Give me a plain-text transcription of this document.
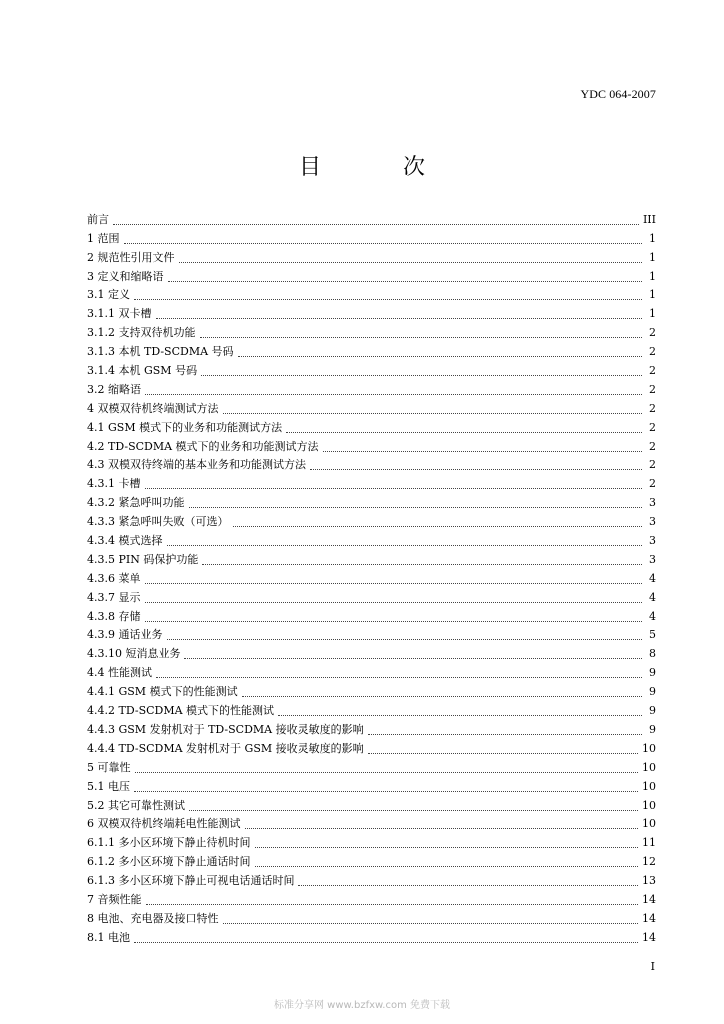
YDC 064-2007
目　次
前言	III
1 范围	1
2 规范性引用文件	1
3 定义和缩略语	1
3.1 定义	1
3.1.1 双卡槽	1
3.1.2 支持双待机功能	2
3.1.3 本机 TD-SCDMA 号码	2
3.1.4 本机 GSM 号码	2
3.2 缩略语	2
4 双模双待机终端测试方法	2
4.1 GSM 模式下的业务和功能测试方法	2
4.2 TD-SCDMA 模式下的业务和功能测试方法	2
4.3 双模双待终端的基本业务和功能测试方法	2
4.3.1 卡槽	2
4.3.2 紧急呼叫功能	3
4.3.3 紧急呼叫失败（可选）	3
4.3.4 模式选择	3
4.3.5 PIN 码保护功能	3
4.3.6 菜单	4
4.3.7 显示	4
4.3.8 存储	4
4.3.9 通话业务	5
4.3.10 短消息业务	8
4.4 性能测试	9
4.4.1 GSM 模式下的性能测试	9
4.4.2 TD-SCDMA 模式下的性能测试	9
4.4.3 GSM 发射机对于 TD-SCDMA 接收灵敏度的影响	9
4.4.4 TD-SCDMA 发射机对于 GSM 接收灵敏度的影响	10
5 可靠性	10
5.1 电压	10
5.2 其它可靠性测试	10
6 双模双待机终端耗电性能测试	10
6.1.1 多小区环境下静止待机时间	11
6.1.2 多小区环境下静止通话时间	12
6.1.3 多小区环境下静止可视电话通话时间	13
7 音频性能	14
8 电池、充电器及接口特性	14
8.1 电池	14
I
标准分享网 www.bzfxw.com 免费下载
